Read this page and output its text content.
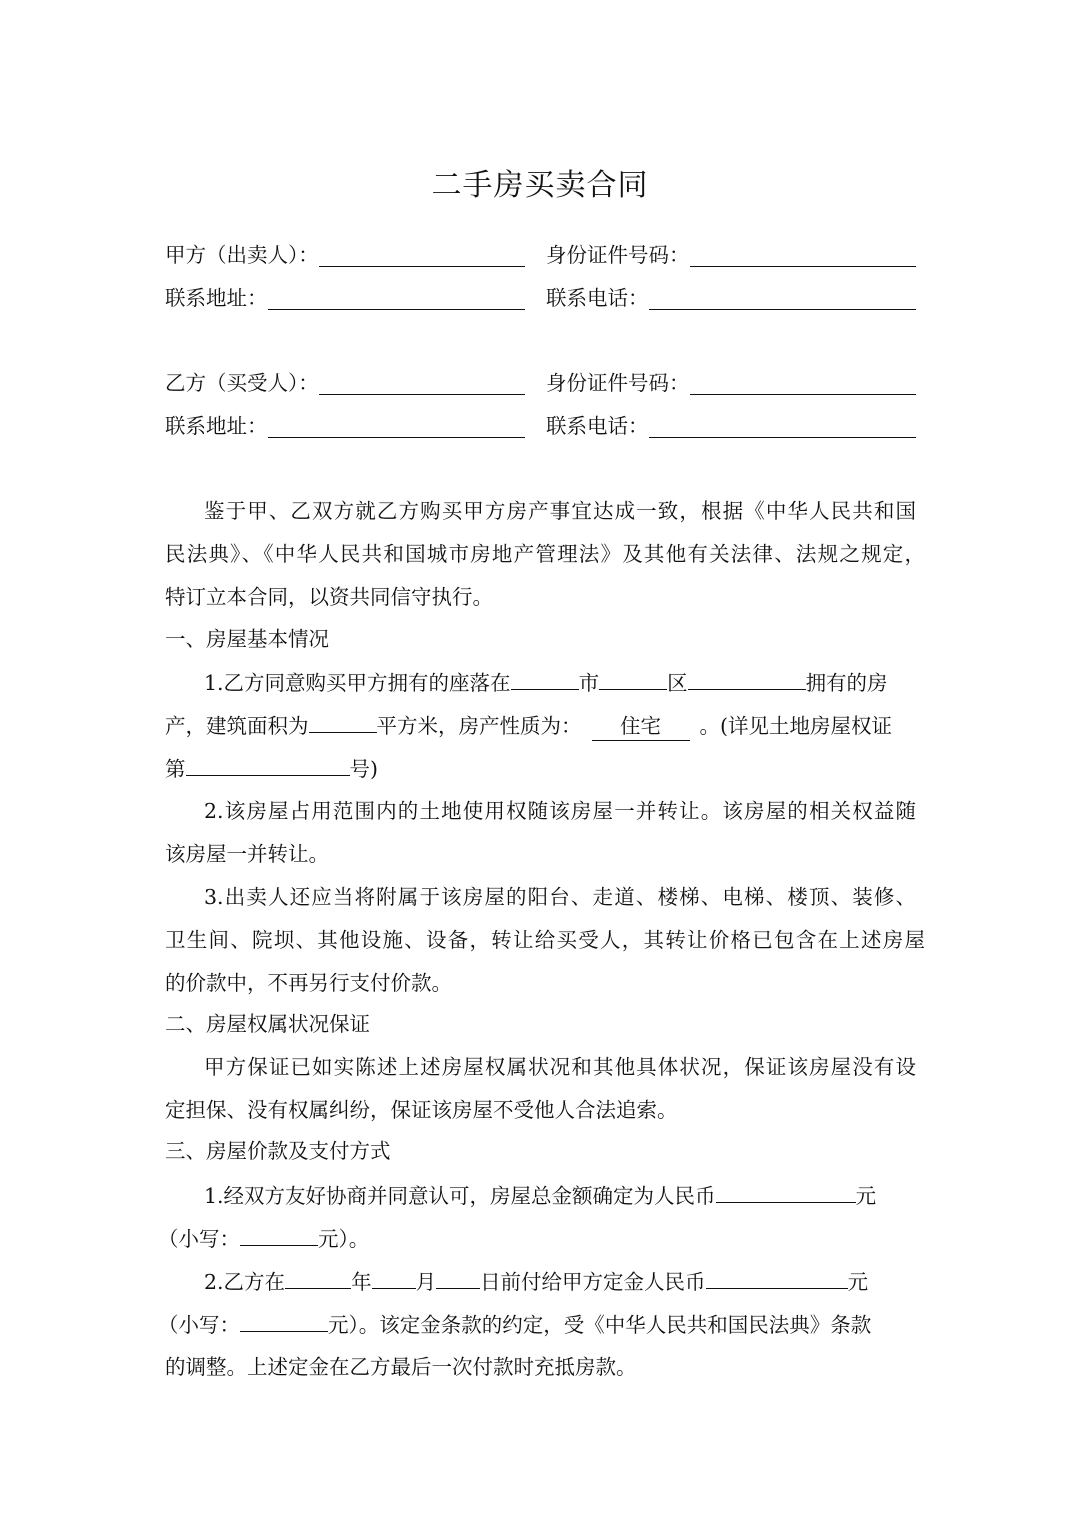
二手房买卖合同
甲方（出卖人）：	身份证件号码：
联系地址：	联系电话：
乙方（买受人）：	身份证件号码：
联系地址：	联系电话：
鉴于甲、乙双方就乙方购买甲方房产事宜达成一致，根据《中华人民共和国
民法典》、《中华人民共和国城市房地产管理法》及其他有关法律、法规之规定，
特订立本合同，以资共同信守执行。
一、房屋基本情况
1.乙方同意购买甲方拥有的座落在	市	区	拥有的房
产，建筑面积为	平方米，房产性质为： 住宅 。(详见土地房屋权证
第	号)
2.该房屋占用范围内的土地使用权随该房屋一并转让。该房屋的相关权益随
该房屋一并转让。
3.出卖人还应当将附属于该房屋的阳台、走道、楼梯、电梯、楼顶、装修、
卫生间、院坝、其他设施、设备，转让给买受人，其转让价格已包含在上述房屋
的价款中，不再另行支付价款。
二、房屋权属状况保证
甲方保证已如实陈述上述房屋权属状况和其他具体状况，保证该房屋没有设
定担保、没有权属纠纷，保证该房屋不受他人合法追索。
三、房屋价款及支付方式
1.经双方友好协商并同意认可，房屋总金额确定为人民币	元
（小写：	元）。
2.乙方在	年 月 日前付给甲方定金人民币	元
（小写：	元）。该定金条款的约定，受《中华人民共和国民法典》条款
的调整。上述定金在乙方最后一次付款时充抵房款。
